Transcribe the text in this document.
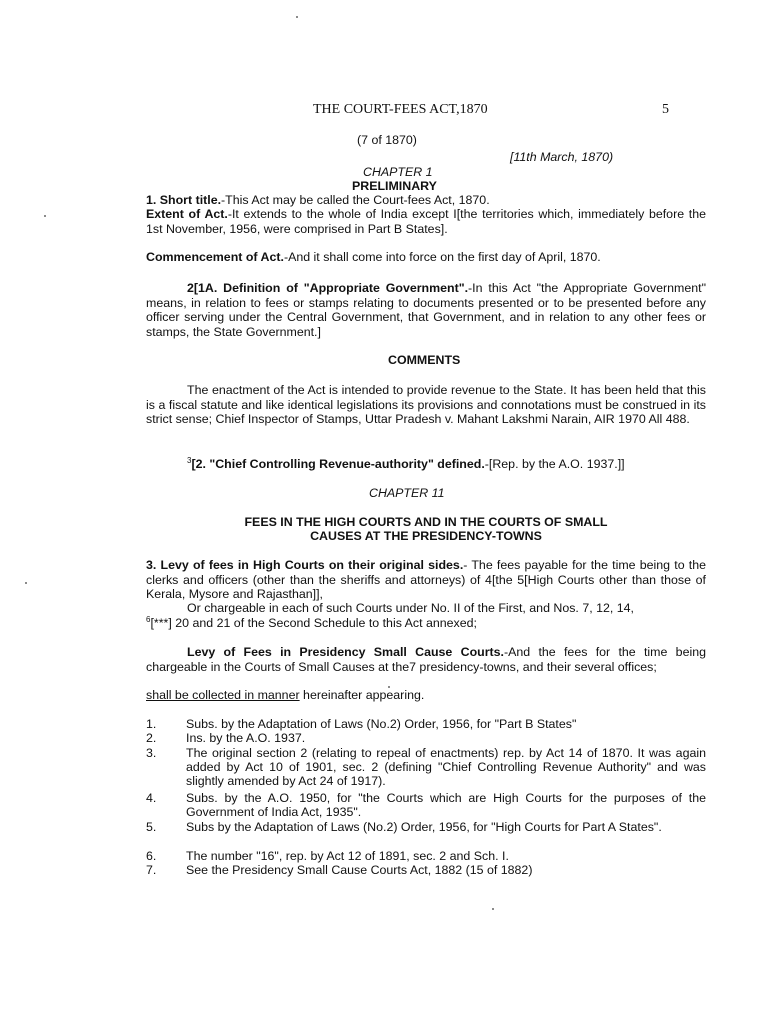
THE COURT-FEES ACT,1870	5
(7 of 1870)
[11th March, 1870)
CHAPTER 1
PRELIMINARY
1. Short title.-This Act may be called the Court-fees Act, 1870.
Extent of Act.-It extends to the whole of India except I[the territories which, immediately before the 1st November, 1956, were comprised in Part B States].
Commencement of Act.-And it shall come into force on the first day of April, 1870.
2[1A. Definition of "Appropriate Government".-In this Act "the Appropriate Government" means, in relation to fees or stamps relating to documents presented or to be presented before any officer serving under the Central Government, that Government, and in relation to any other fees or stamps, the State Government.]
COMMENTS
The enactment of the Act is intended to provide revenue to the State. It has been held that this is a fiscal statute and like identical legislations its provisions and connotations must be construed in its strict sense; Chief Inspector of Stamps, Uttar Pradesh v. Mahant Lakshmi Narain, AIR 1970 All 488.
$^3$[2. "Chief Controlling Revenue-authority" defined.-[Rep. by the A.O. 1937.]]
CHAPTER 11
FEES IN THE HIGH COURTS AND IN THE COURTS OF SMALL
CAUSES AT THE PRESIDENCY-TOWNS
3. Levy of fees in High Courts on their original sides.- The fees payable for the time being to the clerks and officers (other than the sheriffs and attorneys) of 4[the 5[High Courts other than those of Kerala, Mysore and Rajasthan]],
Or chargeable in each of such Courts under No. II of the First, and Nos. 7, 12, 14,
$^6$[***] 20 and 21 of the Second Schedule to this Act annexed;
Levy of Fees in Presidency Small Cause Courts.-And the fees for the time being chargeable in the Courts of Small Causes at the7 presidency-towns, and their several offices;
shall be collected in manner hereinafter appearing.
1.	Subs. by the Adaptation of Laws (No.2) Order, 1956, for "Part B States"
2.	Ins. by the A.O. 1937.
3.	The original section 2 (relating to repeal of enactments) rep. by Act 14 of 1870. It was again added by Act 10 of 1901, sec. 2 (defining "Chief Controlling Revenue Authority" and was slightly amended by Act 24 of 1917).
4.	Subs. by the A.O. 1950, for "the Courts which are High Courts for the purposes of the Government of India Act, 1935".
5.	Subs by the Adaptation of Laws (No.2) Order, 1956, for "High Courts for Part A States".
6.	The number "16", rep. by Act 12 of 1891, sec. 2 and Sch. I.
7.	See the Presidency Small Cause Courts Act, 1882 (15 of 1882)
